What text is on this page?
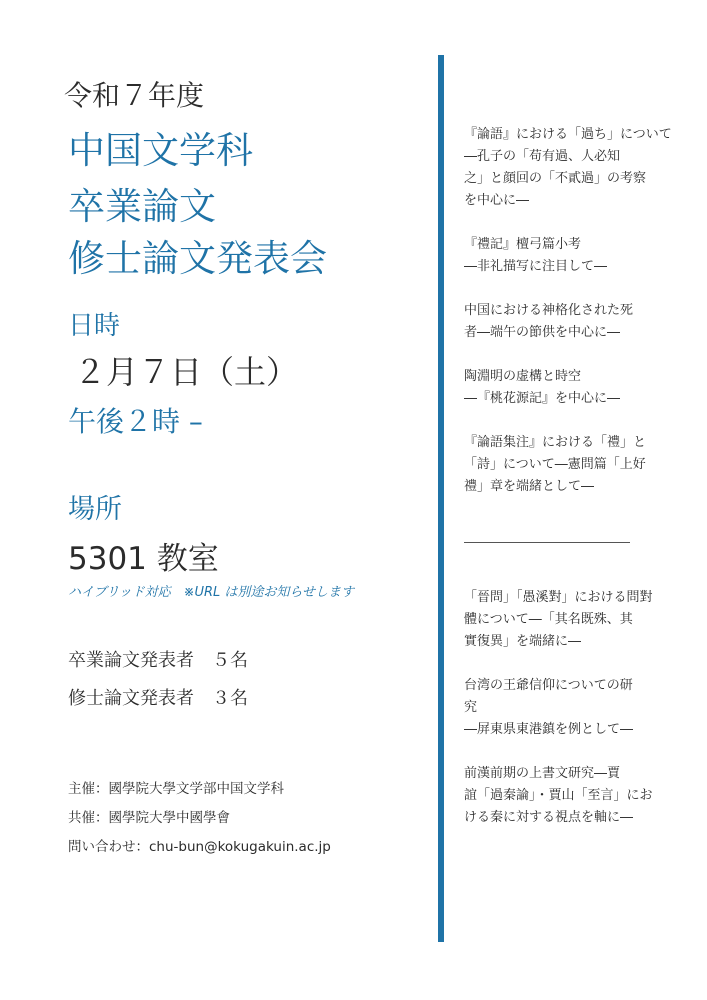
令和７年度
中国文学科
卒業論文
修士論文発表会
日時
２月７日（土）
午後２時 –
場所
5301 教室
ハイブリッド対応　※URL は別途お知らせします
卒業論文発表者　５名
修士論文発表者　３名
主催：國學院大學文学部中国文学科
共催：國學院大學中國學會
問い合わせ：chu-bun@kokugakuin.ac.jp
『論語』における「過ち」について
―孔子の「苟有過、人必知
之」と顔回の「不貳過」の考察
を中心に―
『禮記』檀弓篇小考
―非礼描写に注目して―
中国における神格化された死
者―端午の節供を中心に―
陶淵明の虚構と時空
―『桃花源記』を中心に―
『論語集注』における「禮」と
「詩」について―憲問篇「上好
禮」章を端緒として―
「晉問」「愚溪對」における問對
體について―「其名既殊、其
實復異」を端緒に―
台湾の王爺信仰についての研
究
―屏東県東港鎮を例として―
前漢前期の上書文研究―賈
誼「過秦論」・賈山「至言」にお
ける秦に対する視点を軸に―
